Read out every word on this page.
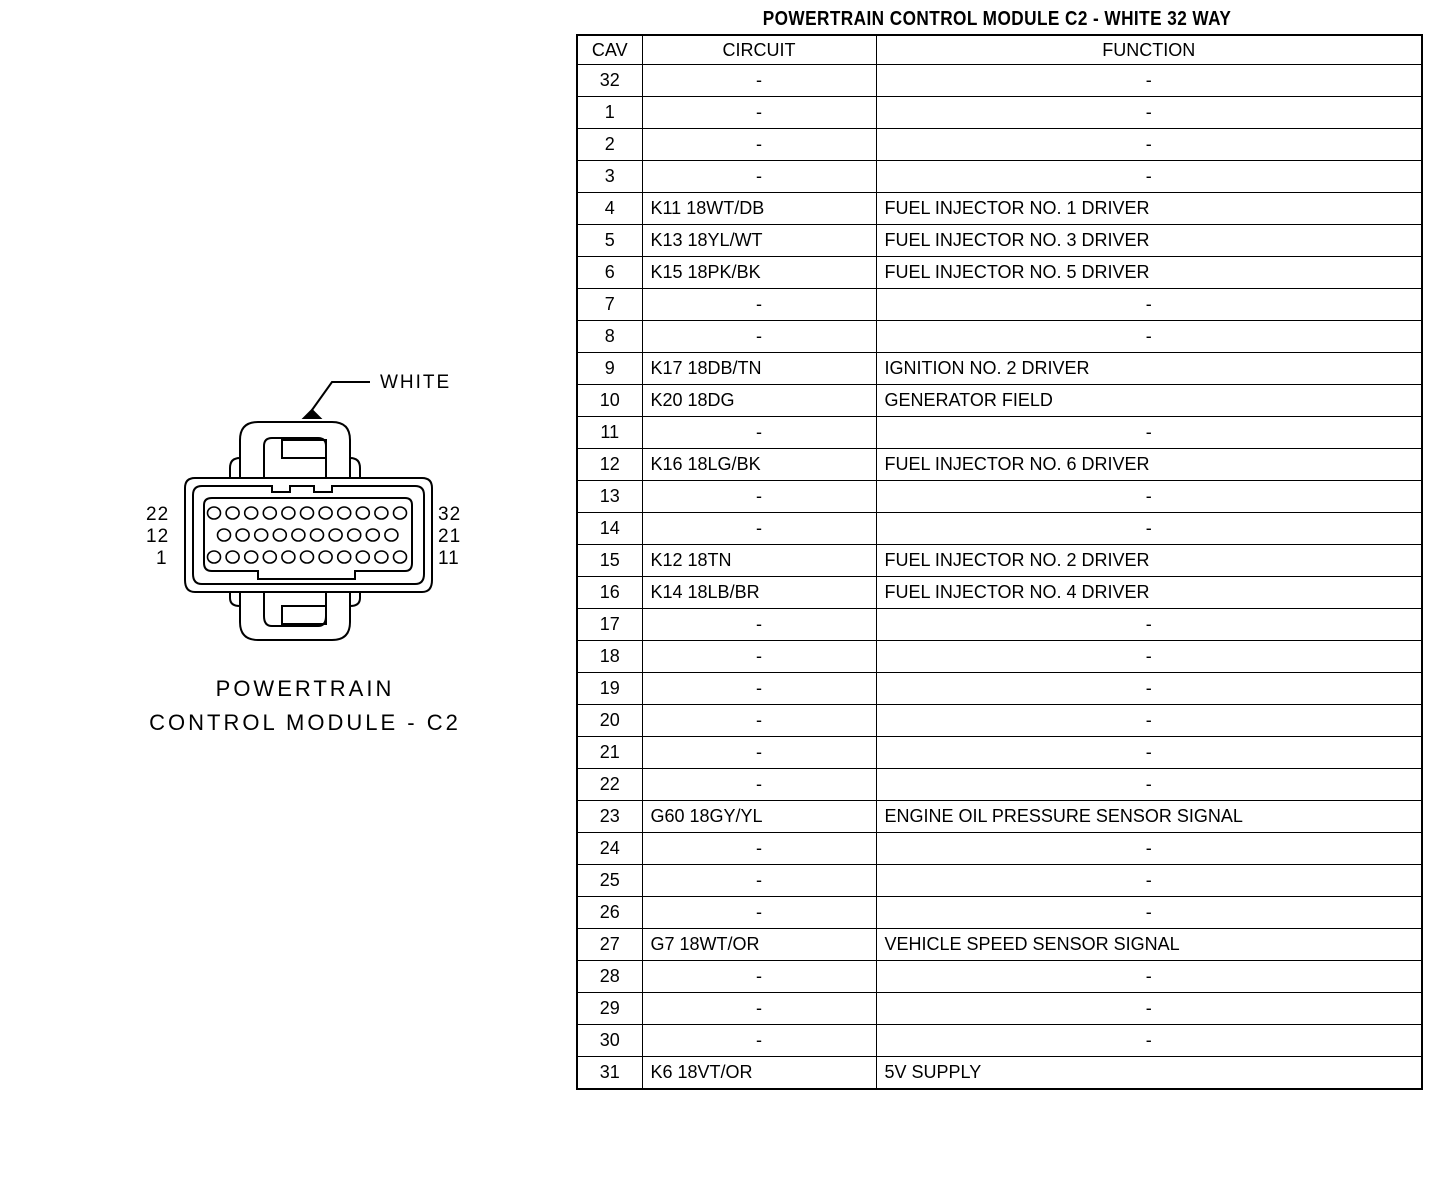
WHITE
22
12
1
32
21
11
POWERTRAIN
CONTROL MODULE - C2
POWERTRAIN CONTROL MODULE C2 - WHITE 32 WAY
CAV	CIRCUIT	FUNCTION
32	-	-
1	-	-
2	-	-
3	-	-
4	K11 18WT/DB	FUEL INJECTOR NO. 1 DRIVER
5	K13 18YL/WT	FUEL INJECTOR NO. 3 DRIVER
6	K15 18PK/BK	FUEL INJECTOR NO. 5 DRIVER
7	-	-
8	-	-
9	K17 18DB/TN	IGNITION NO. 2 DRIVER
10	K20 18DG	GENERATOR FIELD
11	-	-
12	K16 18LG/BK	FUEL INJECTOR NO. 6 DRIVER
13	-	-
14	-	-
15	K12 18TN	FUEL INJECTOR NO. 2 DRIVER
16	K14 18LB/BR	FUEL INJECTOR NO. 4 DRIVER
17	-	-
18	-	-
19	-	-
20	-	-
21	-	-
22	-	-
23	G60 18GY/YL	ENGINE OIL PRESSURE SENSOR SIGNAL
24	-	-
25	-	-
26	-	-
27	G7 18WT/OR	VEHICLE SPEED SENSOR SIGNAL
28	-	-
29	-	-
30	-	-
31	K6 18VT/OR	5V SUPPLY
